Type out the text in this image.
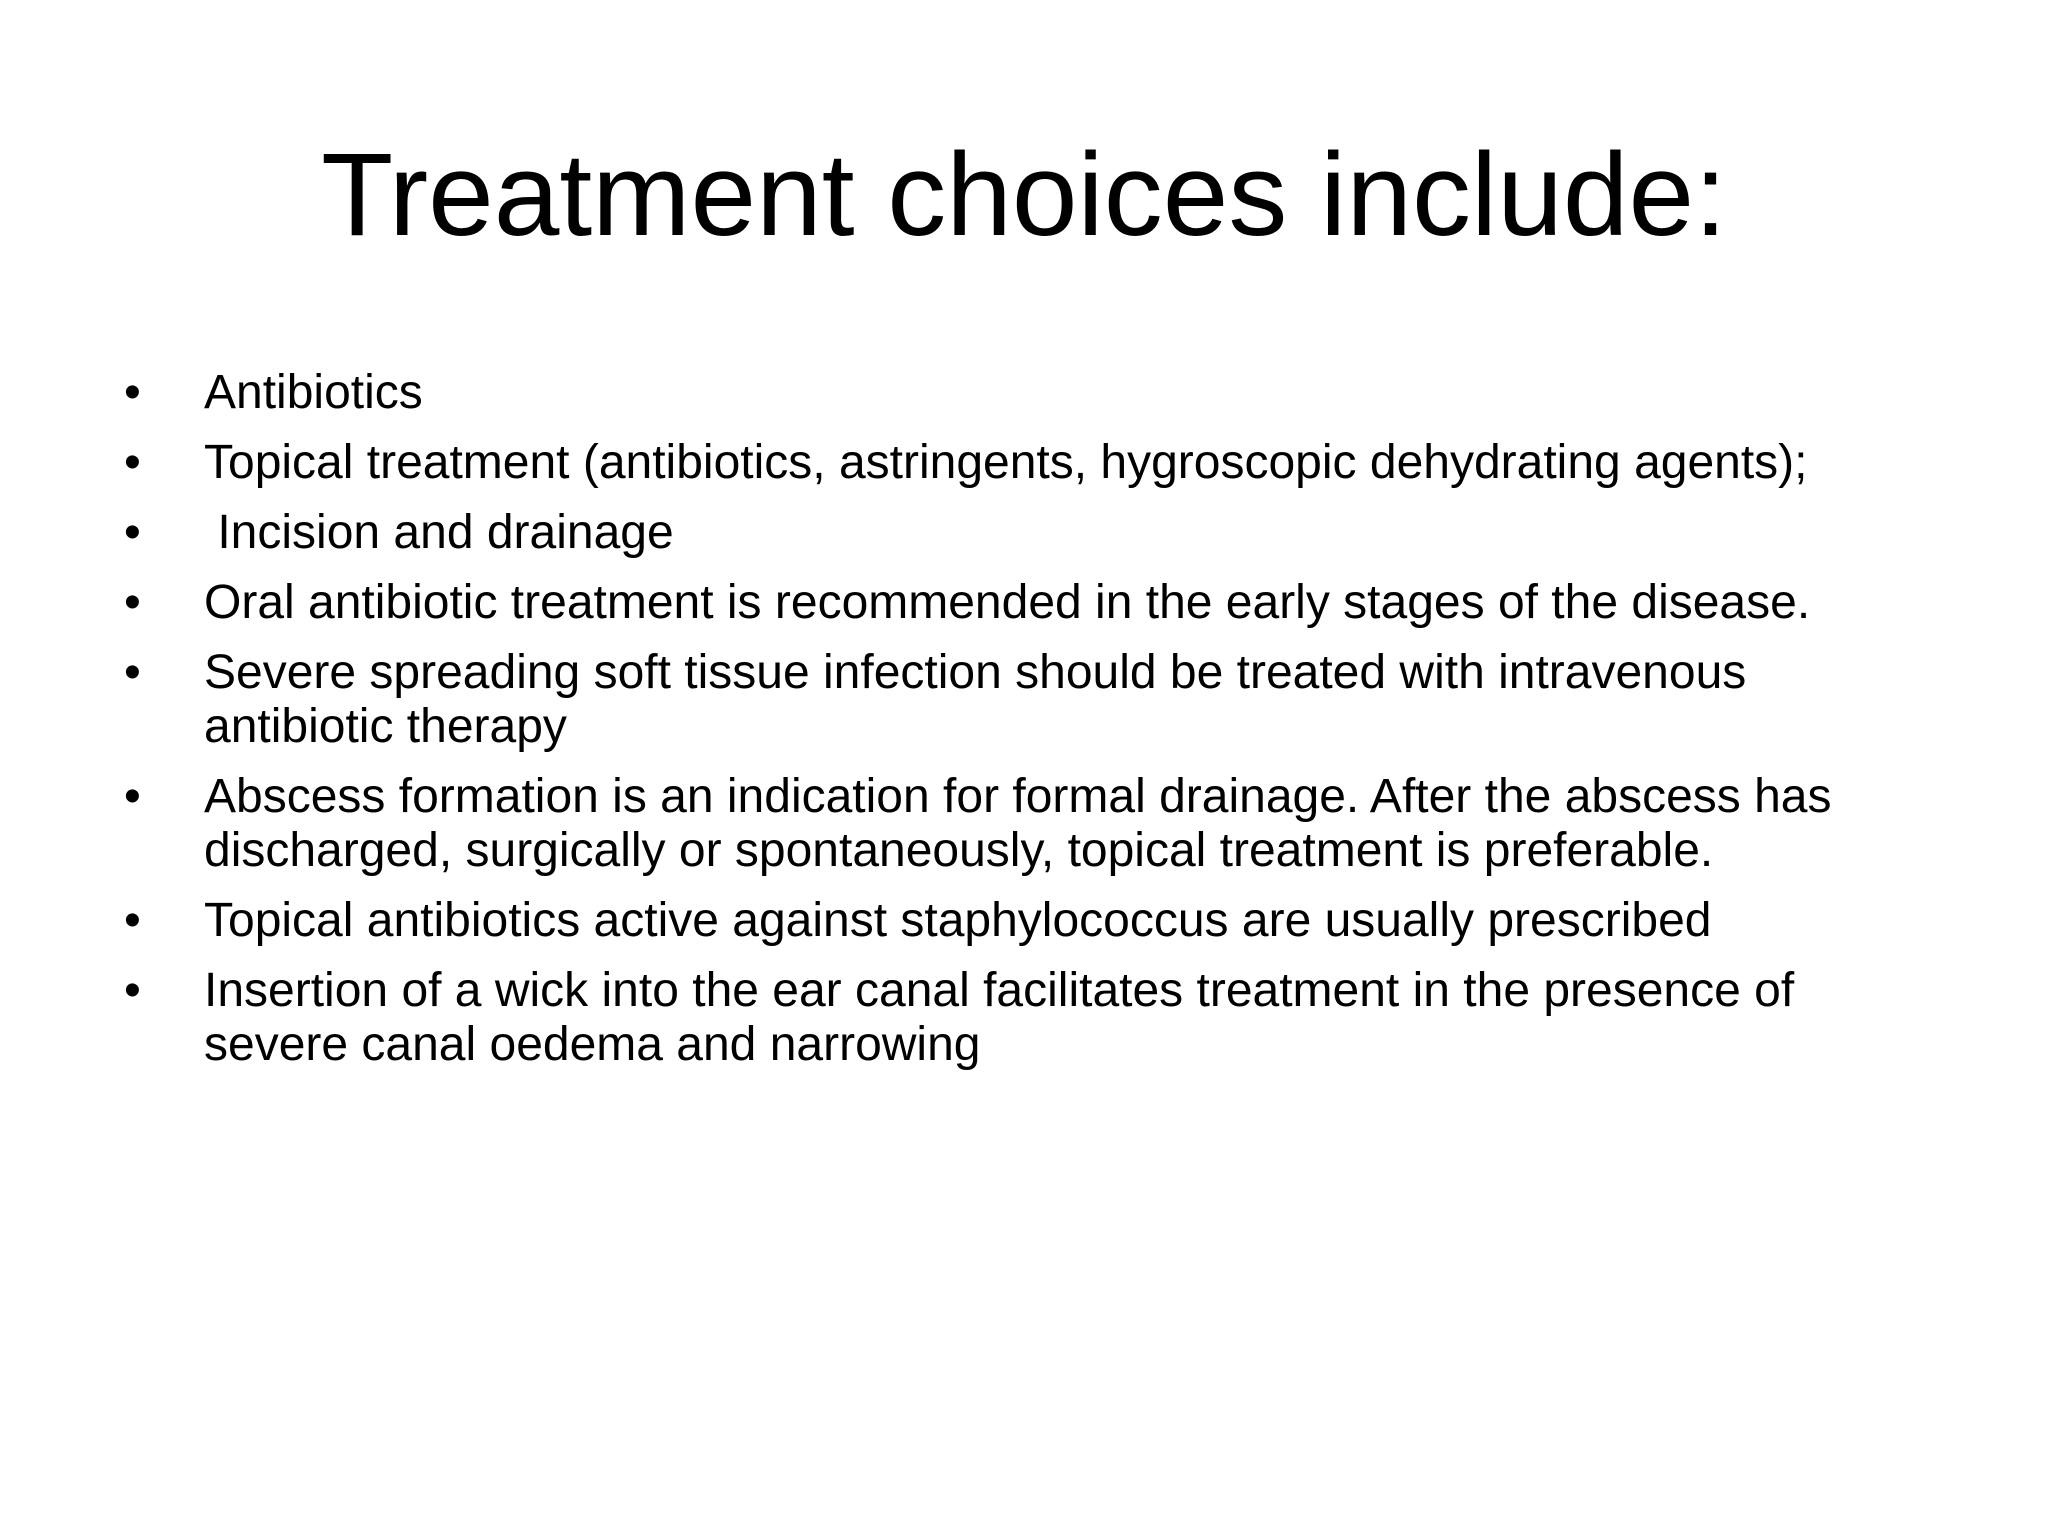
Treatment choices include:
• Antibiotics
• Topical treatment (antibiotics, astringents, hygroscopic dehydrating agents);
• Incision and drainage
• Oral antibiotic treatment is recommended in the early stages of the disease.
• Severe spreading soft tissue infection should be treated with intravenous antibiotic therapy
• Abscess formation is an indication for formal drainage. After the abscess has discharged, surgically or spontaneously, topical treatment is preferable.
• Topical antibiotics active against staphylococcus are usually prescribed
• Insertion of a wick into the ear canal facilitates treatment in the presence of severe canal oedema and narrowing
